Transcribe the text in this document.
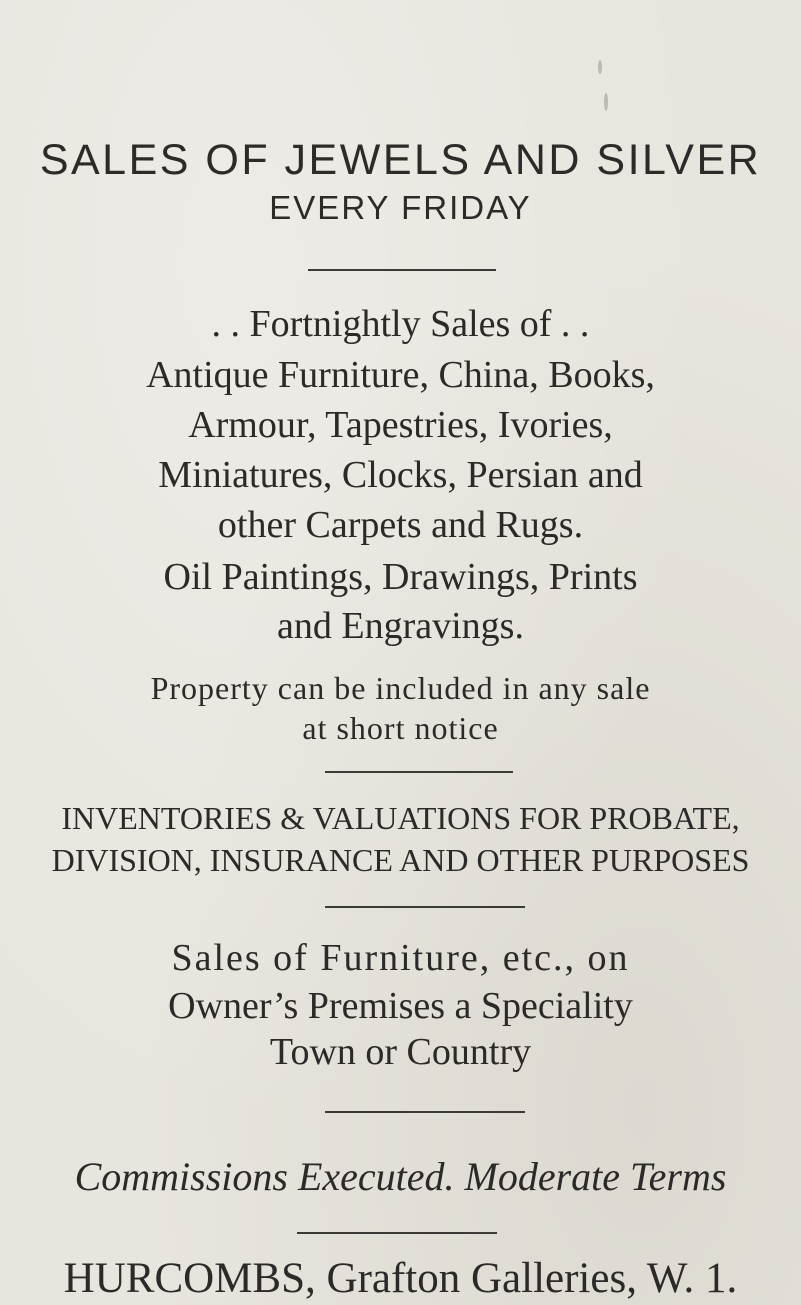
SALES OF JEWELS AND SILVER
EVERY FRIDAY
. . Fortnightly Sales of . .
Antique Furniture, China, Books,
Armour, Tapestries, Ivories,
Miniatures, Clocks, Persian and
other Carpets and Rugs.
Oil Paintings, Drawings, Prints
and Engravings.
Property can be included in any sale
at short notice
INVENTORIES & VALUATIONS FOR PROBATE,
DIVISION, INSURANCE AND OTHER PURPOSES
Sales of Furniture, etc., on
Owner’s Premises a Speciality
Town or Country
Commissions Executed. Moderate Terms
HURCOMBS, Grafton Galleries, W. 1.
